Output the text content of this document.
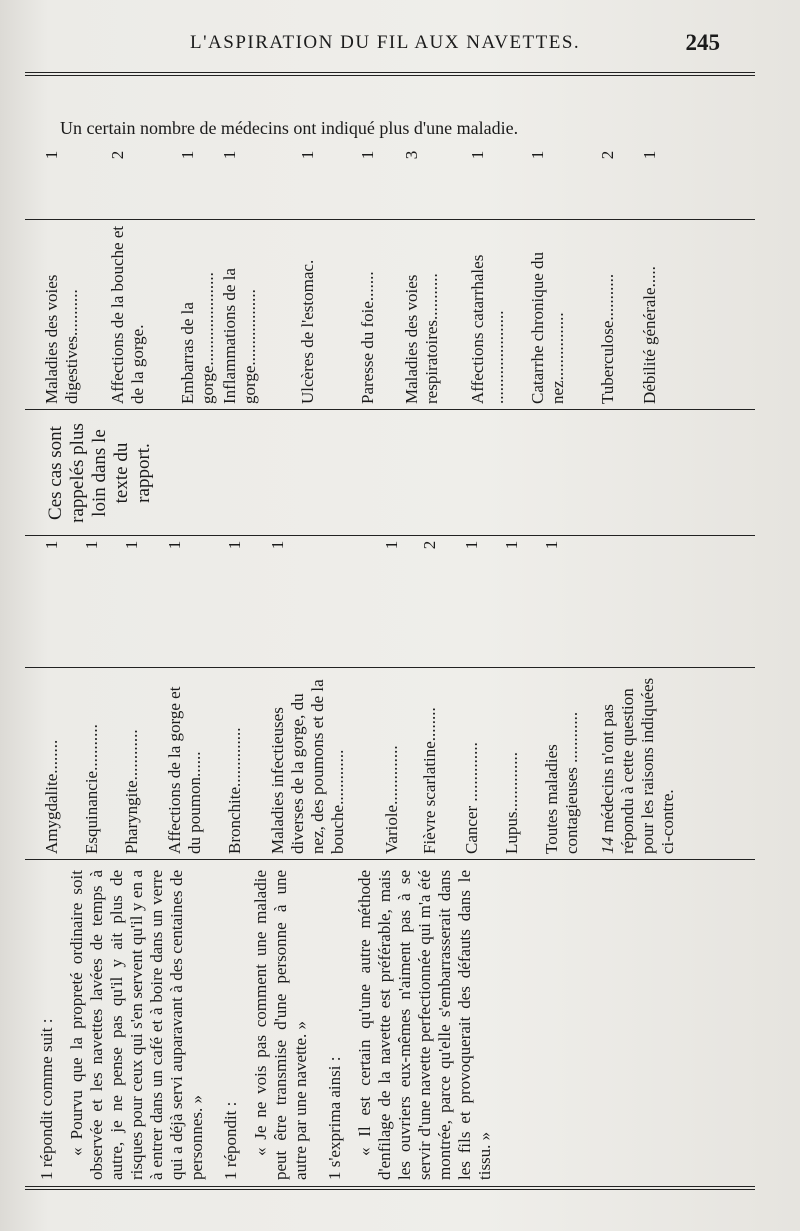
L'ASPIRATION DU FIL AUX NAVETTES.	245

1 répondit comme suit : « Pourvu que la propreté ordinaire soit observée et les navettes lavées de temps à autre, je ne pense pas qu'il y ait plus de risques pour ceux qui s'en servent qu'il y en a à entrer dans un café et à boire dans un verre qui a déjà servi auparavant à des centaines de personnes. » 1 répondit : « Je ne vois pas comment une maladie peut être transmise d'une personne à une autre par une navette. » 1 s'exprima ainsi : « Il est certain qu'une autre méthode d'enfilage de la navette est préférable, mais les ouvriers eux-mêmes n'aiment pas à se servir d'une navette perfectionnée qui m'a été montrée, parce qu'elle s'embarrasserait dans les fils et provoquerait des défauts dans le tissu. »

Amygdalite........
1
Esquinancie...........
1
Pharyngite............
1
Affections de la gorge et du poumon......
1
Bronchite..............
1
Maladies infectieuses diverses de la gorge, du nez, des poumons et de la bouche.............
1
Variole..............
1
Fièvre scarlatine........
2
Cancer ..............
1
Lupus..............
1
Toutes maladies contagieuses ............
1
14 médecins n'ont pas répondu à cette question pour les raisons indiquées ci-contre.
Ces cas sont rappelés plus loin dans le texte du rapport.
Maladies des voies digestives...........
1
Affections de la bouche et de la gorge.
2
Embarras de la gorge......................
1
Inflammations de la gorge..................
1
Ulcères de l'estomac.
1
Paresse du foie.......
1
Maladies des voies respiratoires...........
3
Affections catarrhales ......................
1
Catarrhe chronique du nez................
1
Tuberculose...........
2
Débilité générale.....
1
Un certain nombre de médecins ont indiqué plus d'une maladie.
